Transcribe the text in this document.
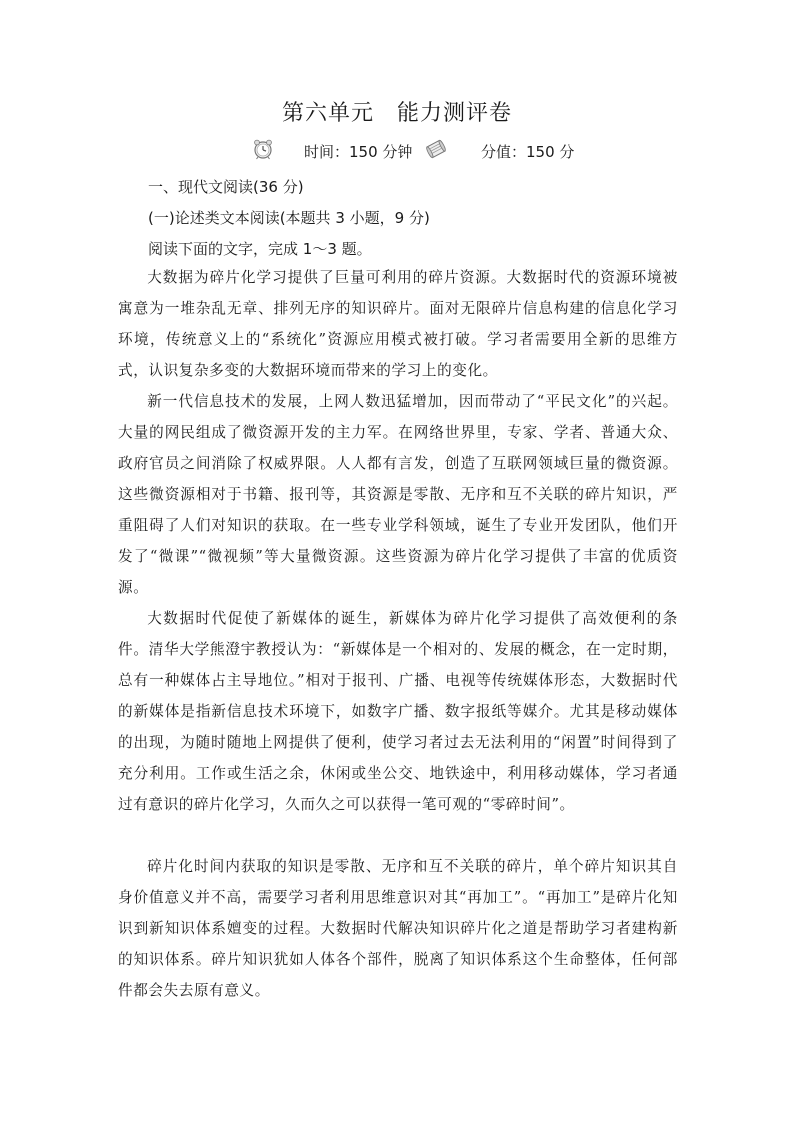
第六单元　能力测评卷
时间：150 分钟	分值：150 分
一、现代文阅读(36 分)
(一)论述类文本阅读(本题共 3 小题，9 分)
阅读下面的文字，完成 1～3 题。

大数据为碎片化学习提供了巨量可利用的碎片资源。大数据时代的资源环境被寓意为一堆杂乱无章、排列无序的知识碎片。面对无限碎片信息构建的信息化学习环境，传统意义上的“系统化”资源应用模式被打破。学习者需要用全新的思维方式，认识复杂多变的大数据环境而带来的学习上的变化。

新一代信息技术的发展，上网人数迅猛增加，因而带动了“平民文化”的兴起。大量的网民组成了微资源开发的主力军。在网络世界里，专家、学者、普通大众、政府官员之间消除了权威界限。人人都有言发，创造了互联网领域巨量的微资源。这些微资源相对于书籍、报刊等，其资源是零散、无序和互不关联的碎片知识，严重阻碍了人们对知识的获取。在一些专业学科领域，诞生了专业开发团队，他们开发了“微课”“微视频”等大量微资源。这些资源为碎片化学习提供了丰富的优质资源。

大数据时代促使了新媒体的诞生，新媒体为碎片化学习提供了高效便利的条件。清华大学熊澄宇教授认为：“新媒体是一个相对的、发展的概念，在一定时期，总有一种媒体占主导地位。”相对于报刊、广播、电视等传统媒体形态，大数据时代的新媒体是指新信息技术环境下，如数字广播、数字报纸等媒介。尤其是移动媒体的出现，为随时随地上网提供了便利，使学习者过去无法利用的“闲置”时间得到了充分利用。工作或生活之余，休闲或坐公交、地铁途中，利用移动媒体，学习者通过有意识的碎片化学习，久而久之可以获得一笔可观的“零碎时间”。

碎片化时间内获取的知识是零散、无序和互不关联的碎片，单个碎片知识其自身价值意义并不高，需要学习者利用思维意识对其“再加工”。“再加工”是碎片化知识到新知识体系嬗变的过程。大数据时代解决知识碎片化之道是帮助学习者建构新的知识体系。碎片知识犹如人体各个部件，脱离了知识体系这个生命整体，任何部件都会失去原有意义。
